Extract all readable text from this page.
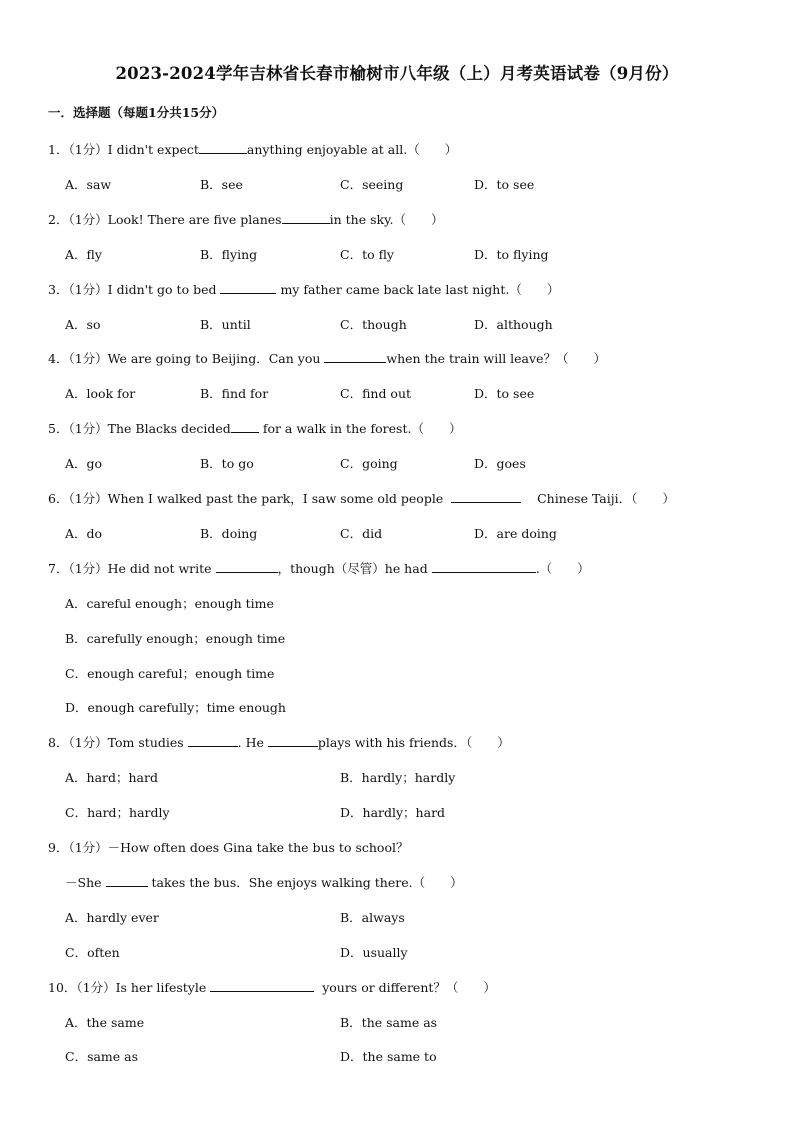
2023-2024学年吉林省长春市榆树市八年级（上）月考英语试卷（9月份）
一．选择题（每题1分共15分）
1．（1分）I didn't expect	anything enjoyable at all.（　　）
A．saw	B．see	C．seeing	D．to see
2．（1分）Look! There are five planes	in the sky.（　　）
A．fly	B．flying	C．to fly	D．to flying
3．（1分）I didn't go to bed	my father came back late last night.（　　）
A．so	B．until	C．though	D．although
4．（1分）We are going to Beijing．Can you	when the train will leave？（　　）
A．look for	B．find for	C．find out	D．to see
5．（1分）The Blacks decided	for a walk in the forest.（　　）
A．go	B．to go	C．going	D．goes
6．（1分）When I walked past the park，I saw some old people	Chinese Taiji．（　　）
A．do	B．doing	C．did	D．are doing
7．（1分）He did not write	，though（尽管）he had	.（　　）
A．careful enough；enough time
B．carefully enough；enough time
C．enough careful；enough time
D．enough carefully；time enough
8．（1分）Tom studies	. He	plays with his friends．（　　）
A．hard；hard	B．hardly；hardly
C．hard；hardly	D．hardly；hard
9．（1分）－How often does Gina take the bus to school？
－She	takes the bus．She enjoys walking there.（　　）
A．hardly ever	B．always
C．often	D．usually
10．（1分）Is her lifestyle	yours or different？（　　）
A．the same	B．the same as
C．same as	D．the same to
